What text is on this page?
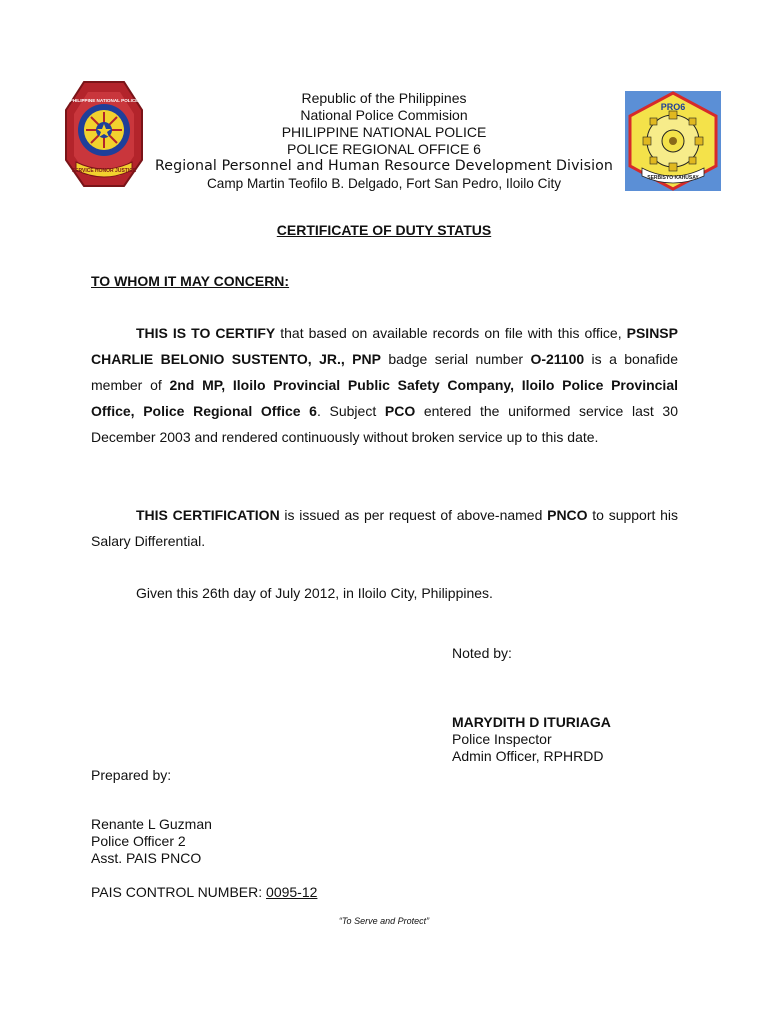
SERVICE HONOR JUSTICE
PHILIPPINE NATIONAL POLICE
PRO6
SERBISYO KAHUSAY
Republic of the Philippines
National Police Commision
PHILIPPINE NATIONAL POLICE
POLICE REGIONAL OFFICE 6
Regional Personnel and Human Resource Development Division
Camp Martin Teofilo B. Delgado, Fort San Pedro, Iloilo City
CERTIFICATE OF DUTY STATUS
TO WHOM IT MAY CONCERN:
THIS IS TO CERTIFY that based on available records on file with this office, PSINSP CHARLIE BELONIO SUSTENTO, JR., PNP badge serial number O-21100 is a bonafide member of 2nd MP, Iloilo Provincial Public Safety Company, Iloilo Police Provincial Office, Police Regional Office 6. Subject PCO entered the uniformed service last 30 December 2003 and rendered continuously without broken service up to this date.
THIS CERTIFICATION is issued as per request of above-named PNCO to support his Salary Differential.
Given this 26th day of July 2012, in Iloilo City, Philippines.
Noted by:
MARYDITH D ITURIAGA
Police Inspector
Admin Officer, RPHRDD
Prepared by:
Renante L Guzman
Police Officer 2
Asst. PAIS PNCO
PAIS CONTROL NUMBER: 0095-12
“To Serve and Protect”
